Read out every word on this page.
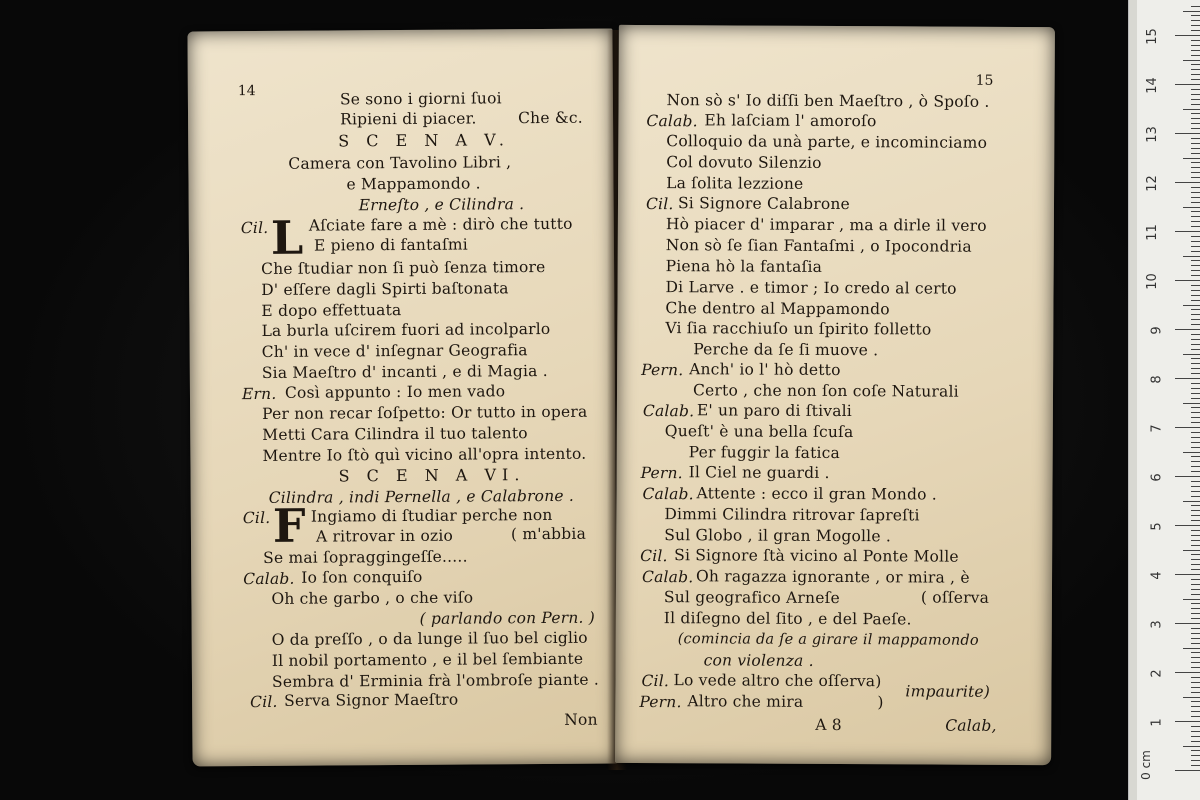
14	Se sono i giorni ſuoi
Ripieni di piacer.	Che &c.
S C E N A V.
Camera con Tavolino Libri ,
e Mappamondo .
Erneſto , e Cilindra .
Cil. L Aſciate fare a mè : dirò che tutto
E pieno di fantaſmi
Che ſtudiar non ſi può ſenza timore
D' eſſere dagli Spirti baſtonata
E dopo effettuata
La burla uſcirem fuori ad incolparlo
Ch' in vece d' inſegnar Geografia
Sia Maeſtro d' incanti , e di Magia .
Ern. Così appunto : Io men vado
Per non recar ſoſpetto: Or tutto in opera
Metti Cara Cilindra il tuo talento
Mentre Io ſtò quì vicino all'opra intento.
S C E N A VI.
Cilindra , indi Pernella , e Calabrone .
Cil. F Ingiamo di ſtudiar perche non
A ritrovar in ozio	( m'abbia
Se mai ſopraggingeſſe.....
Calab. Io ſon conquiſo
Oh che garbo , o che viſo
( parlando con Pern. )
O da preſſo , o da lunge il ſuo bel ciglio
Il nobil portamento , e il bel ſembiante
Sembra d' Erminia frà l'ombroſe piante .
Cil. Serva Signor Maeſtro
Non
15
Non sò s' Io diſſi ben Maeſtro , ò Spoſo .
Calab. Eh laſciam l' amoroſo
Colloquio da unà parte, e incominciamo
Col dovuto Silenzio
La ſolita lezzione
Cil. Si Signore Calabrone
Hò piacer d' imparar , ma a dirle il vero
Non sò ſe ſian Fantaſmi , o Ipocondria
Piena hò la fantaſia
Di Larve . e timor ; Io credo al certo
Che dentro al Mappamondo
Vi ſia racchiuſo un ſpirito folletto
Perche da ſe ſi muove .
Pern. Anch' io l' hò detto
Certo , che non ſon coſe Naturali
Calab. E' un paro di ſtivali
Queſt' è una bella ſcuſa
Per fuggir la fatica
Pern. Il Ciel ne guardi .
Calab. Attente : ecco il gran Mondo .
Dimmi Cilindra ritrovar ſapreſti
Sul Globo , il gran Mogolle .
Cil. Si Signore ſtà vicino al Ponte Molle
Calab. Oh ragazza ignorante , or mira , è
Sul geografico Arneſe	( oſſerva
Il diſegno del ſito , e del Paeſe.
(comincia da ſe a girare il mappamondo
con violenza .
Cil. Lo vede altro che oſſerva)
impaurite)
Pern. Altro che mira	)
A 8	Calab,
0 cm
1
2
3
4
5
6
7
8
9
10
11
12
13
14
15
